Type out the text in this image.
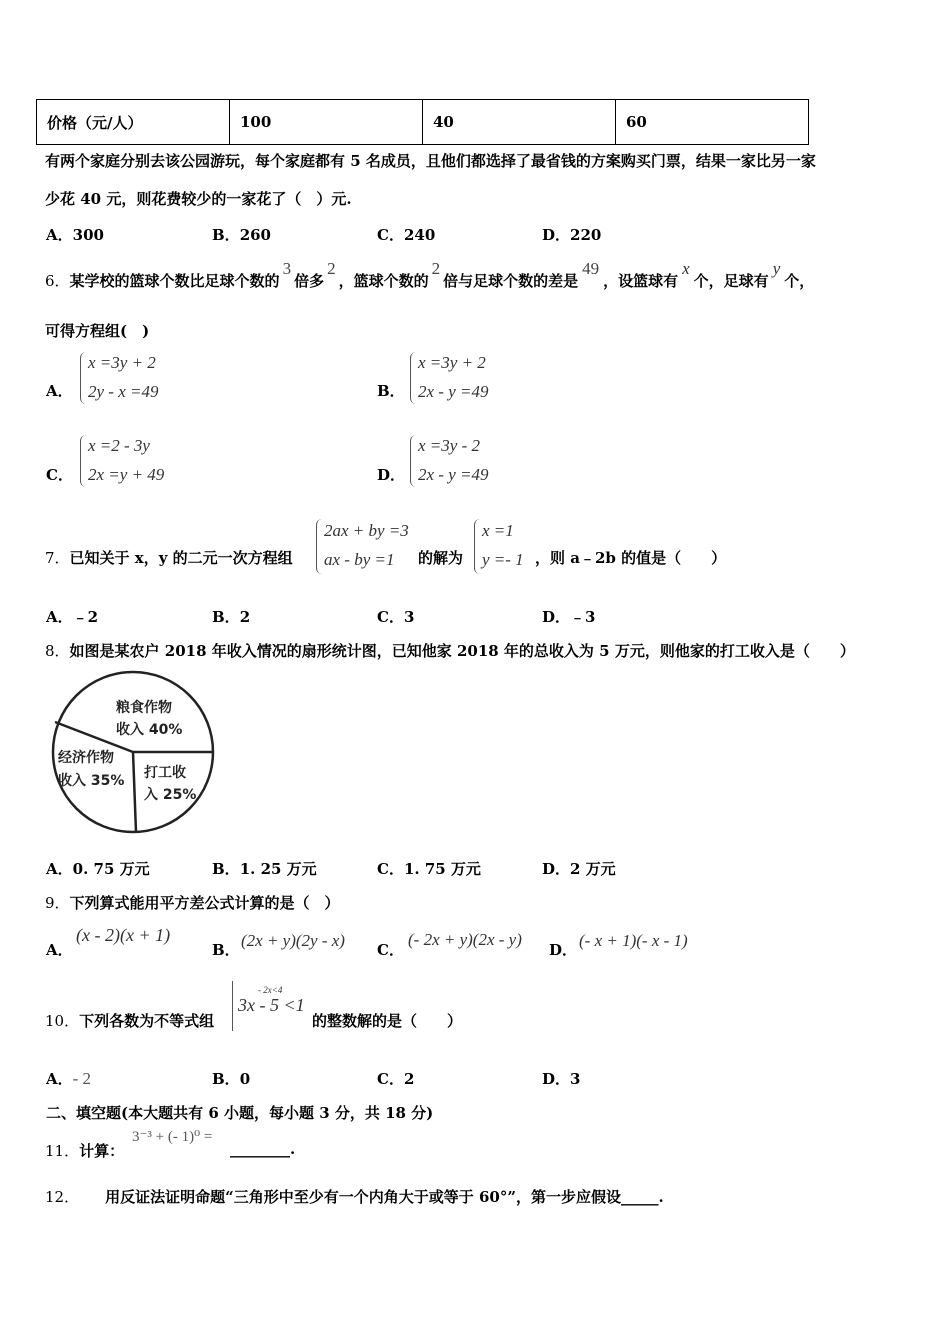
价格（元/人）	100	40	60
有两个家庭分别去该公园游玩，每个家庭都有 5 名成员，且他们都选择了最省钱的方案购买门票，结果一家比另一家
少花 40 元，则花费较少的一家花了（　）元.
A．300	B．260	C．240	D．220
6．某学校的篮球个数比足球个数的3倍多2，篮球个数的2倍与足球个数的差是49，设篮球有x个，足球有y个，
可得方程组(　)
A．
x =3y + 2
2y - x =49	B．
x =3y + 2
2x - y =49
C．
x =2 - 3y
2x =y + 49	D．
x =3y - 2
2x - y =49
7．已知关于 x，y 的二元一次方程组
2ax + by =3
ax - by =1 的解为
x =1
y =- 1 ，则 a﹣2b 的值是（　　）
A．﹣2	B．2	C．3	D．﹣3
8．如图是某农户 2018 年收入情况的扇形统计图，已知他家 2018 年的总收入为 5 万元，则他家的打工收入是（　　）
粮食作物
收入 40%
经济作物
收入 35% 打工收
入 25%
A．0. 75 万元	B．1. 25 万元	C．1. 75 万元	D．2 万元
9．下列算式能用平方差公式计算的是（　）
A．
(x - 2)(x + 1)
B． (2x + y)(2y - x) C．
(- 2x + y)(2x - y)
D． (- x + 1)(- x - 1)
10．下列各数为不等式组
- 2x<4
3x - 5 <1
的整数解的是（　　）
A．- 2	B．0	C．2	D．3
二、填空题(本大题共有 6 小题，每小题 3 分，共 18 分)
11．计算：
3⁻³ + (- 1)⁰ =
________.
12． 用反证法证明命题“三角形中至少有一个内角大于或等于 60°”，第一步应假设_____.
